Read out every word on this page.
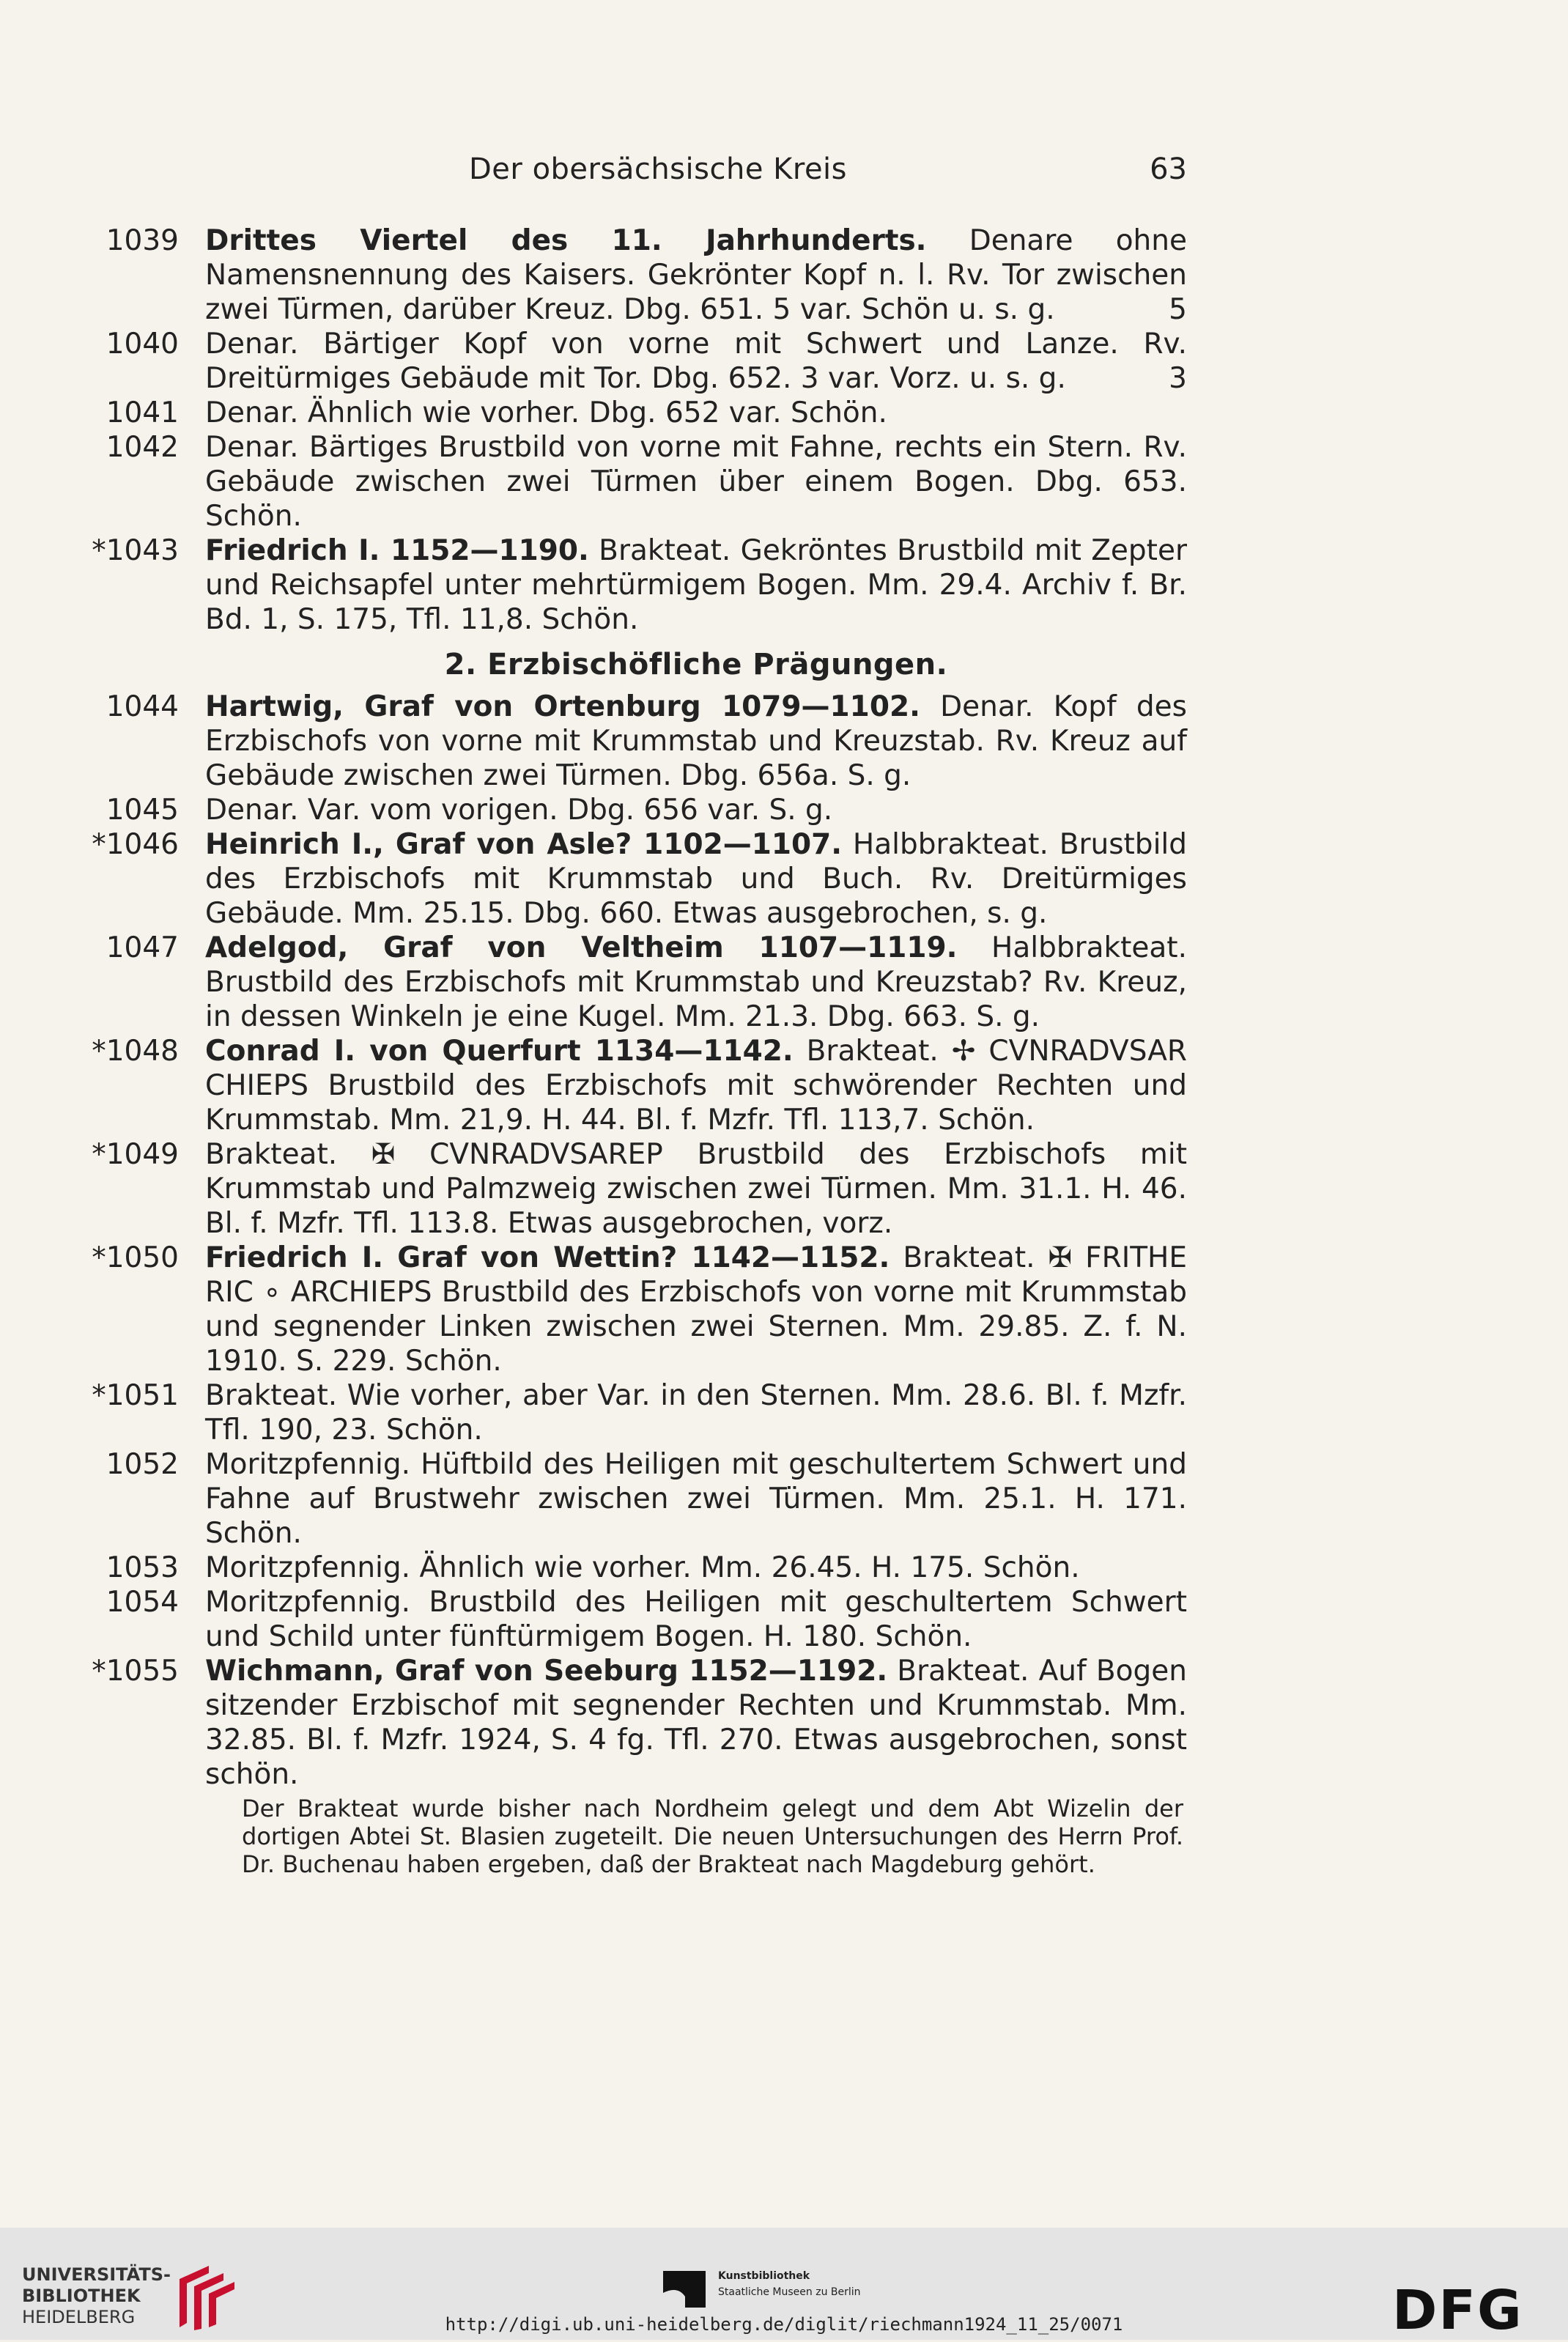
Der obersächsische Kreis	63
1039 Drittes Viertel des 11. Jahrhunderts. Denare ohne Namensnennung des Kaisers. Gekrönter Kopf n. l. Rv. Tor zwischen zwei Türmen, darüber Kreuz. Dbg. 651. 5 var. Schön u. s. g.	5
1040 Denar. Bärtiger Kopf von vorne mit Schwert und Lanze. Rv. Dreitürmiges Gebäude mit Tor. Dbg. 652. 3 var. Vorz. u. s. g.	3
1041 Denar. Ähnlich wie vorher. Dbg. 652 var. Schön.
1042 Denar. Bärtiges Brustbild von vorne mit Fahne, rechts ein Stern. Rv. Gebäude zwischen zwei Türmen über einem Bogen. Dbg. 653. Schön.
*1043 Friedrich I. 1152—1190. Brakteat. Gekröntes Brustbild mit Zepter und Reichsapfel unter mehrtürmigem Bogen. Mm. 29.4. Archiv f. Br. Bd. 1, S. 175, Tfl. 11,8. Schön.
2. Erzbischöfliche Prägungen.
1044 Hartwig, Graf von Ortenburg 1079—1102. Denar. Kopf des Erzbischofs von vorne mit Krummstab und Kreuzstab. Rv. Kreuz auf Gebäude zwischen zwei Türmen. Dbg. 656a. S. g.
1045 Denar. Var. vom vorigen. Dbg. 656 var. S. g.
*1046 Heinrich I., Graf von Asle? 1102—1107. Halbbrakteat. Brustbild des Erzbischofs mit Krummstab und Buch. Rv. Dreitürmiges Gebäude. Mm. 25.15. Dbg. 660. Etwas ausgebrochen, s. g.
1047 Adelgod, Graf von Veltheim 1107—1119. Halbbrakteat. Brustbild des Erzbischofs mit Krummstab und Kreuzstab? Rv. Kreuz, in dessen Winkeln je eine Kugel. Mm. 21.3. Dbg. 663. S. g.
*1048 Conrad I. von Querfurt 1134—1142. Brakteat. ✢ CVNRADVSAR CHIEPS Brustbild des Erzbischofs mit schwörender Rechten und Krummstab. Mm. 21,9. H. 44. Bl. f. Mzfr. Tfl. 113,7. Schön.
*1049 Brakteat. ✠ CVNRADVSAREP Brustbild des Erzbischofs mit Krummstab und Palmzweig zwischen zwei Türmen. Mm. 31.1. H. 46. Bl. f. Mzfr. Tfl. 113.8. Etwas ausgebrochen, vorz.
*1050 Friedrich I. Graf von Wettin? 1142—1152. Brakteat. ✠ FRITHE RIC ∘ ARCHIEPS Brustbild des Erzbischofs von vorne mit Krummstab und segnender Linken zwischen zwei Sternen. Mm. 29.85. Z. f. N. 1910. S. 229. Schön.
*1051 Brakteat. Wie vorher, aber Var. in den Sternen. Mm. 28.6. Bl. f. Mzfr. Tfl. 190, 23. Schön.
1052 Moritzpfennig. Hüftbild des Heiligen mit geschultertem Schwert und Fahne auf Brustwehr zwischen zwei Türmen. Mm. 25.1. H. 171. Schön.
1053 Moritzpfennig. Ähnlich wie vorher. Mm. 26.45. H. 175. Schön.
1054 Moritzpfennig. Brustbild des Heiligen mit geschultertem Schwert und Schild unter fünftürmigem Bogen. H. 180. Schön.
*1055 Wichmann, Graf von Seeburg 1152—1192. Brakteat. Auf Bogen sitzender Erzbischof mit segnender Rechten und Krummstab. Mm. 32.85. Bl. f. Mzfr. 1924, S. 4 fg. Tfl. 270. Etwas ausgebrochen, sonst schön.
Der Brakteat wurde bisher nach Nordheim gelegt und dem Abt Wizelin der dortigen Abtei St. Blasien zugeteilt. Die neuen Untersuchungen des Herrn Prof. Dr. Buchenau haben ergeben, daß der Brakteat nach Magdeburg gehört.
UNIVERSITÄTS-
BIBLIOTHEK
HEIDELBERG
Kunstbibliothek
Staatliche Museen zu Berlin	DFG
http://digi.ub.uni-heidelberg.de/diglit/riechmann1924_11_25/0071
